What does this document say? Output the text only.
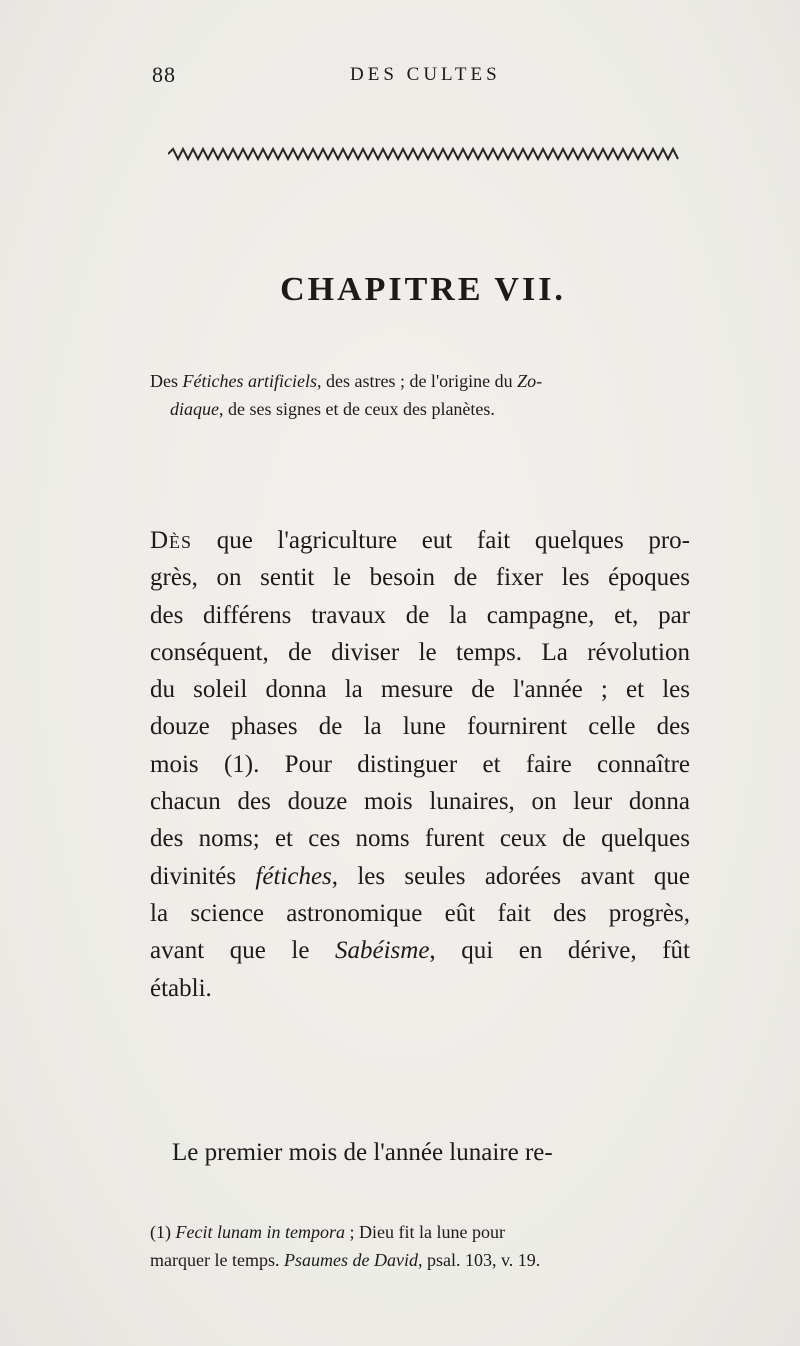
88	DES CULTES
CHAPITRE VII.

Des Fétiches artificiels, des astres ; de l'origine du Zo-

diaque, de ses signes et de ceux des planètes.

Dès que l'agriculture eut fait quelques pro-
grès, on sentit le besoin de fixer les époques
des différens travaux de la campagne, et, par
conséquent, de diviser le temps. La révolution
du soleil donna la mesure de l'année ; et les
douze phases de la lune fournirent celle des
mois (1). Pour distinguer et faire connaître
chacun des douze mois lunaires, on leur donna
des noms; et ces noms furent ceux de quelques
divinités fétiches, les seules adorées avant que
la science astronomique eût fait des progrès,
avant que le Sabéisme, qui en dérive, fût
établi.
Le premier mois de l'année lunaire re-
(1) Fecit lunam in tempora ; Dieu fit la lune pour
marquer le temps. Psaumes de David, psal. 103, v. 19.
